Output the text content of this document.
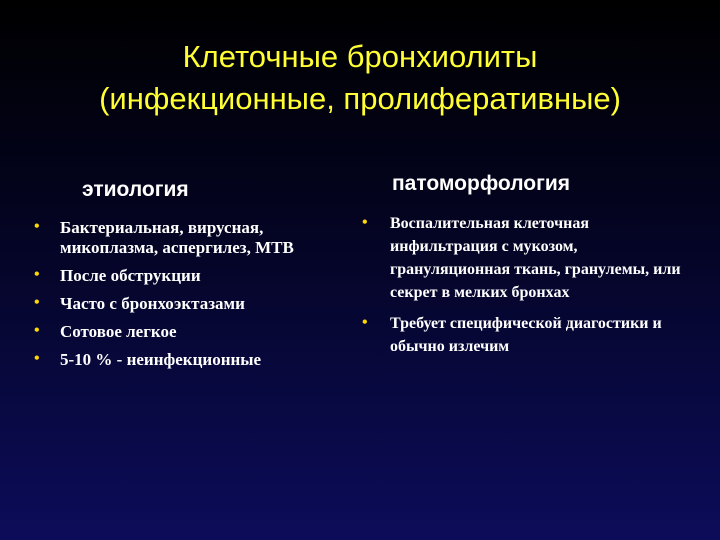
Клеточные бронхиолиты
(инфекционные, пролиферативные)
этиология
• Бактериальная, вирусная, микоплазма, аспергилез, МТВ
• После обструкции
• Часто с бронхоэктазами
• Сотовое легкое
• 5-10 % - неинфекционные
патоморфология
• Воспалительная клеточная инфильтрация с мукозом, грануляционная ткань, гранулемы, или секрет в мелких бронхах
• Требует специфической диагостики и обычно излечим
